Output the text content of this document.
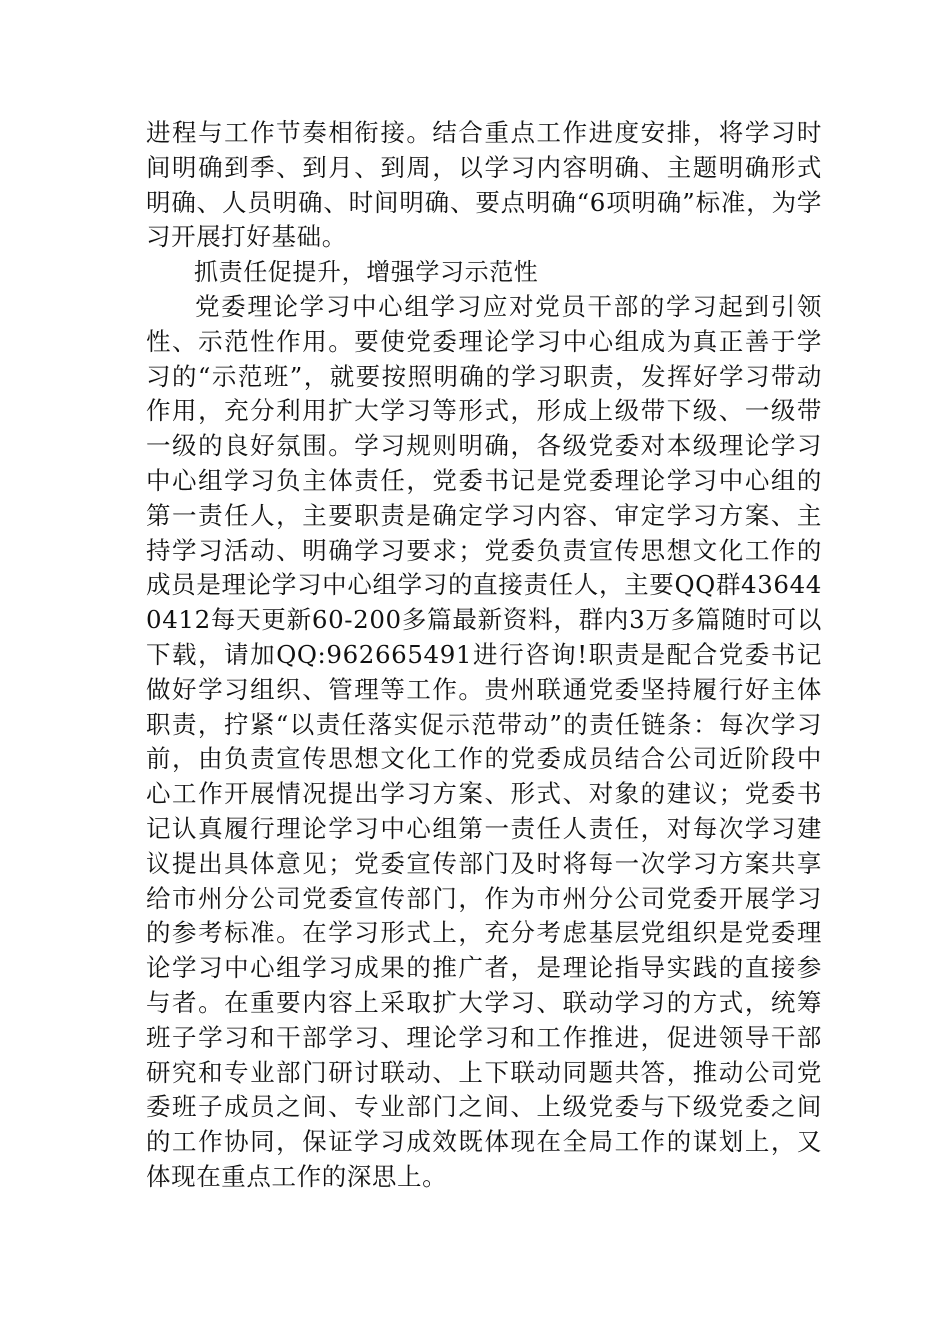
进程与工作节奏相衔接。结合重点工作进度安排，将学习时间明确到季、到月、到周，以学习内容明确、主题明确形式明确、人员明确、时间明确、要点明确“6项明确”标准，为学习开展打好基础。

抓责任促提升，增强学习示范性

党委理论学习中心组学习应对党员干部的学习起到引领性、示范性作用。要使党委理论学习中心组成为真正善于学习的“示范班”，就要按照明确的学习职责，发挥好学习带动作用，充分利用扩大学习等形式，形成上级带下级、一级带一级的良好氛围。学习规则明确，各级党委对本级理论学习中心组学习负主体责任，党委书记是党委理论学习中心组的第一责任人，主要职责是确定学习内容、审定学习方案、主持学习活动、明确学习要求；党委负责宣传思想文化工作的成员是理论学习中心组学习的直接责任人，主要QQ群436440412每天更新60-200多篇最新资料，群内3万多篇随时可以下载，请加QQ:962665491进行咨询!职责是配合党委书记做好学习组织、管理等工作。贵州联通党委坚持履行好主体职责，拧紧“以责任落实促示范带动”的责任链条：每次学习前，由负责宣传思想文化工作的党委成员结合公司近阶段中心工作开展情况提出学习方案、形式、对象的建议；党委书记认真履行理论学习中心组第一责任人责任，对每次学习建议提出具体意见；党委宣传部门及时将每一次学习方案共享给市州分公司党委宣传部门，作为市州分公司党委开展学习的参考标准。在学习形式上，充分考虑基层党组织是党委理论学习中心组学习成果的推广者，是理论指导实践的直接参与者。在重要内容上采取扩大学习、联动学习的方式，统筹班子学习和干部学习、理论学习和工作推进，促进领导干部研究和专业部门研讨联动、上下联动同题共答，推动公司党委班子成员之间、专业部门之间、上级党委与下级党委之间的工作协同，保证学习成效既体现在全局工作的谋划上，又体现在重点工作的深思上。
